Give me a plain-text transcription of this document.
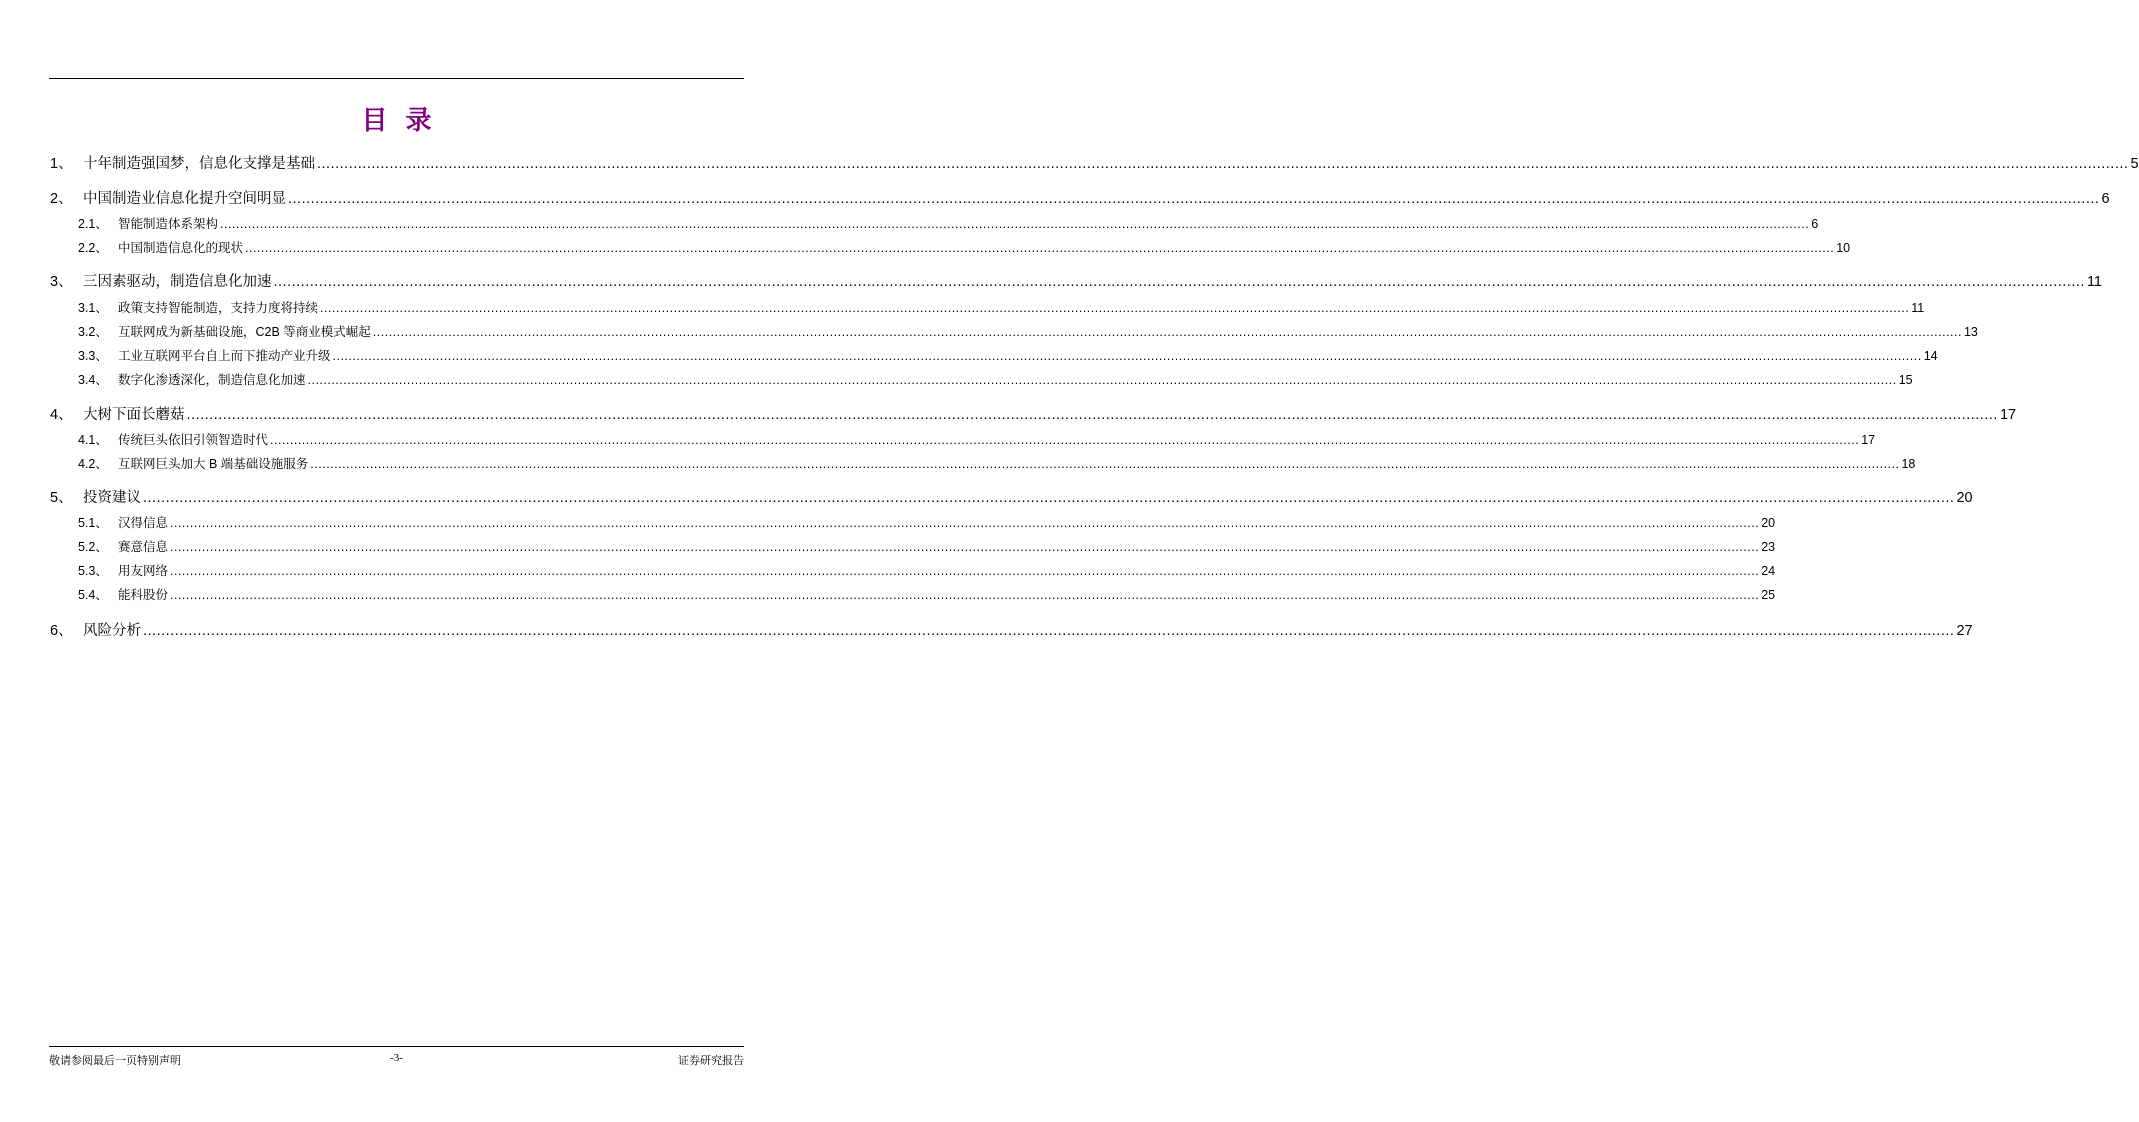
目录
1、 十年制造强国梦，信息化支撑是基础 ................................................................................................................................................................................................................................................................................................................................................................................................................ 5
2、 中国制造业信息化提升空间明显 ................................................................................................................................................................................................................................................................................................................................................................................................................ 6
2.1、 智能制造体系架构 ................................................................................................................................................................................................................................................................................................................................................................................................................ 6
2.2、 中国制造信息化的现状 ................................................................................................................................................................................................................................................................................................................................................................................................................ 10
3、 三因素驱动，制造信息化加速 ................................................................................................................................................................................................................................................................................................................................................................................................................ 11
3.1、 政策支持智能制造，支持力度将持续 ................................................................................................................................................................................................................................................................................................................................................................................................................ 11
3.2、 互联网成为新基础设施，C2B 等商业模式崛起 ................................................................................................................................................................................................................................................................................................................................................................................................................ 13
3.3、 工业互联网平台自上而下推动产业升级 ................................................................................................................................................................................................................................................................................................................................................................................................................ 14
3.4、 数字化渗透深化，制造信息化加速 ................................................................................................................................................................................................................................................................................................................................................................................................................ 15
4、 大树下面长蘑菇 ................................................................................................................................................................................................................................................................................................................................................................................................................ 17
4.1、 传统巨头依旧引领智造时代 ................................................................................................................................................................................................................................................................................................................................................................................................................ 17
4.2、 互联网巨头加大 B 端基础设施服务 ................................................................................................................................................................................................................................................................................................................................................................................................................ 18
5、 投资建议 ................................................................................................................................................................................................................................................................................................................................................................................................................ 20
5.1、 汉得信息 ................................................................................................................................................................................................................................................................................................................................................................................................................ 20
5.2、 赛意信息 ................................................................................................................................................................................................................................................................................................................................................................................................................ 23
5.3、 用友网络 ................................................................................................................................................................................................................................................................................................................................................................................................................ 24
5.4、 能科股份 ................................................................................................................................................................................................................................................................................................................................................................................................................ 25
6、 风险分析 ................................................................................................................................................................................................................................................................................................................................................................................................................ 27
敬请参阅最后一页特别声明	-3-	证券研究报告
